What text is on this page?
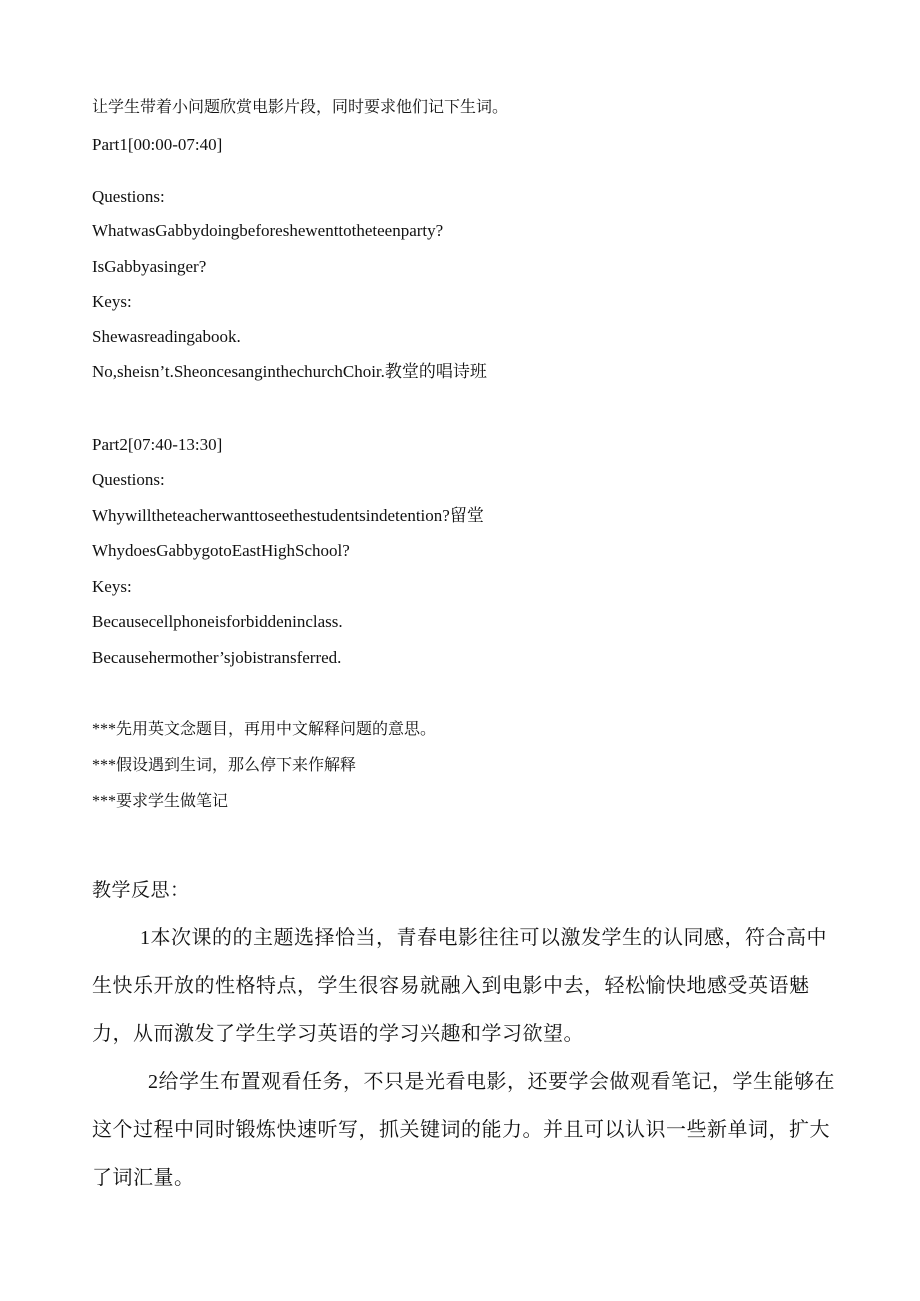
让学生带着小问题欣赏电影片段，同时要求他们记下生词。
Part1[00:00-07:40]
Questions:
WhatwasGabbydoingbeforeshewenttotheteenparty?
IsGabbyasinger?
Keys:
Shewasreadingabook.
No,sheisn’t.SheoncesanginthechurchChoir.教堂的唱诗班
Part2[07:40-13:30]
Questions:
Whywilltheteacherwanttoseethestudentsindetention?留堂
WhydoesGabbygotoEastHighSchool?
Keys:
Becausecellphoneisforbiddeninclass.
Becausehermother’sjobistransferred.
***先用英文念题目，再用中文解释问题的意思。
***假设遇到生词，那么停下来作解释
***要求学生做笔记
教学反思：
1本次课的的主题选择恰当，青春电影往往可以激发学生的认同感，符合高中
生快乐开放的性格特点，学生很容易就融入到电影中去，轻松愉快地感受英语魅
力，从而激发了学生学习英语的学习兴趣和学习欲望。
2给学生布置观看任务，不只是光看电影，还要学会做观看笔记，学生能够在
这个过程中同时锻炼快速听写，抓关键词的能力。并且可以认识一些新单词，扩大
了词汇量。
